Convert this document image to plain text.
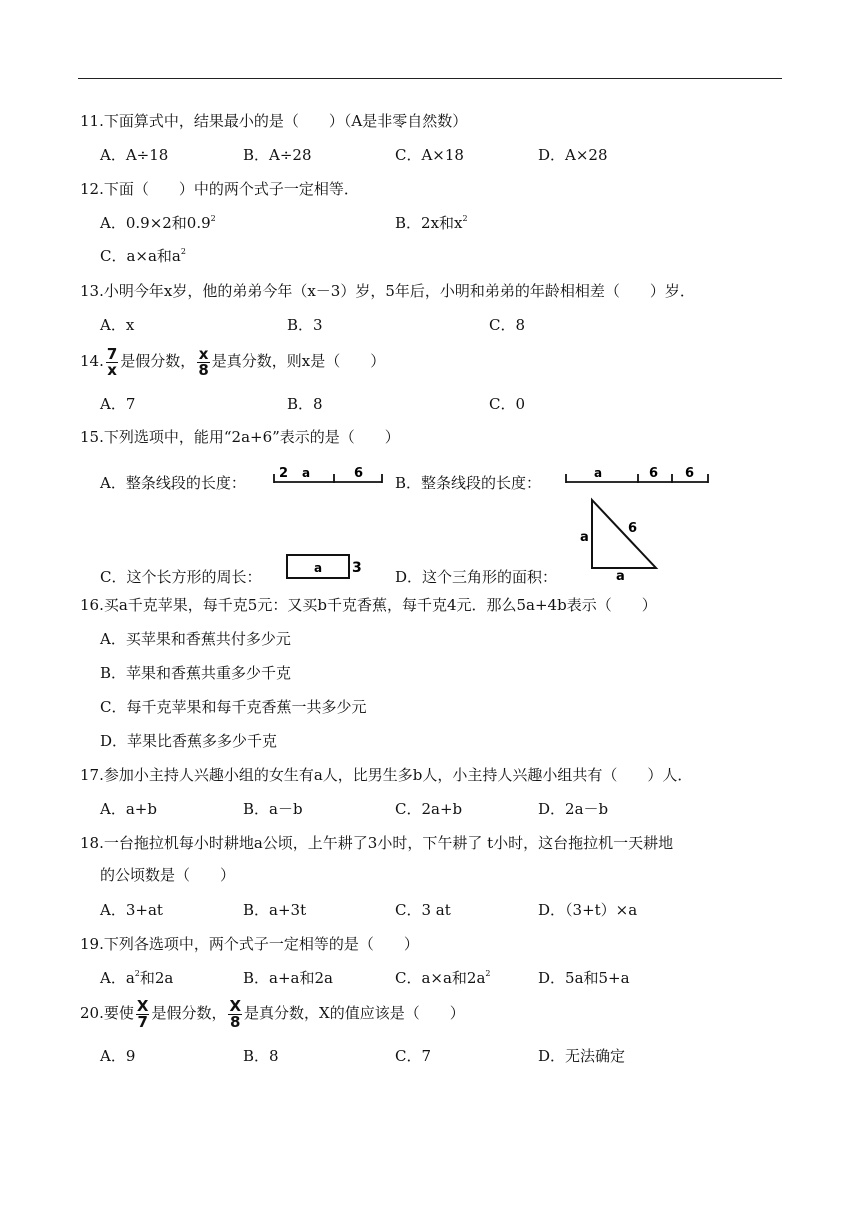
11.下面算式中，结果最小的是（　　）（A是非零自然数）
A．A÷18	B．A÷28	C．A×18	D．A×28
12.下面（　　）中的两个式子一定相等．
A．0.9×2和$0.9^2$	B．2x和$x^2$
C．a×a和$a^2$
13.小明今年x岁，他的弟弟今年（x－3）岁，5年后，小明和弟弟的年龄相相差（　　）岁．
A．x	B．3	C．8
14. $\frac{7}{x}$ 是假分数， $\frac{x}{8}$ 是真分数，则x是（　　）
A．7	B．8	C．0
15.下列选项中，能用“2a+6”表示的是（　　）
A．整条线段的长度：
2 a	6
B．整条线段的长度：
a	6 6
C．这个长方形的周长：	a 3 D．这个三角形的面积：
a
6
a
16.买a千克苹果，每千克5元：又买b千克香蕉，每千克4元．那么5a+4b表示（　　）
A．买苹果和香蕉共付多少元
B．苹果和香蕉共重多少千克
C．每千克苹果和每千克香蕉一共多少元
D．苹果比香蕉多多少千克
17.参加小主持人兴趣小组的女生有a人，比男生多b人，小主持人兴趣小组共有（　　）人．
A．a+b	B．a－b	C．2a+b	D．2a－b
18.一台拖拉机每小时耕地a公顷，上午耕了3小时，下午耕了 t小时，这台拖拉机一天耕地
的公顷数是（　　）
A．3+at	B．a+3t	C．3 at	D．（3+t）×a
19.下列各选项中，两个式子一定相等的是（　　）
A．$a^2$和2a	B．a+a和2a	C．a×a和$2a^2$	D．5a和5+a
20.要使 $\frac{X}{7}$ 是假分数， $\frac{X}{8}$ 是真分数，X的值应该是（　　）
A．9	B．8	C．7	D．无法确定
